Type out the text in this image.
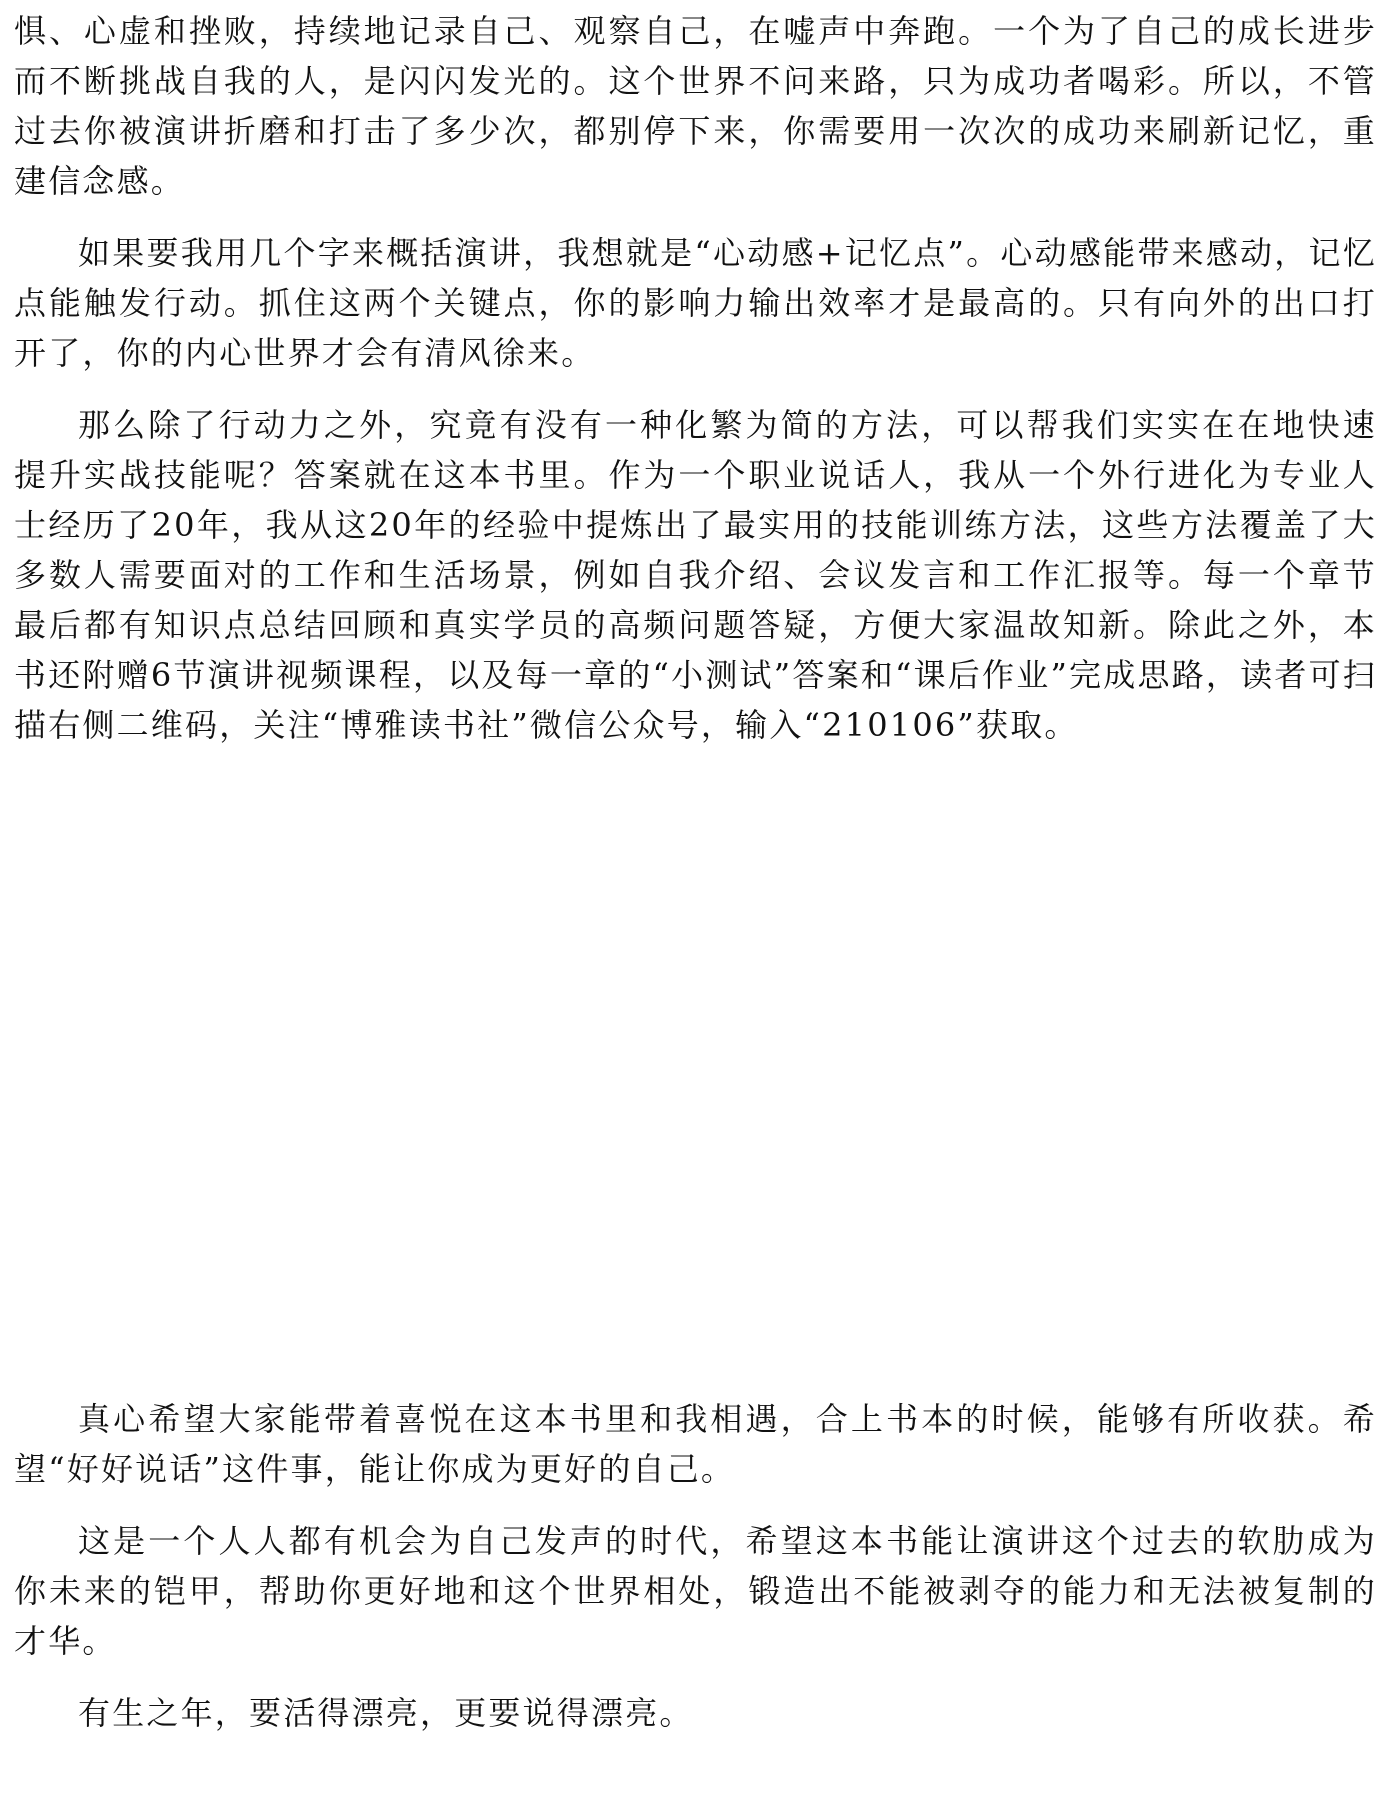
惧、心虚和挫败，持续地记录自己、观察自己，在嘘声中奔跑。一个为了自己的成长进步而不断挑战自我的人，是闪闪发光的。这个世界不问来路，只为成功者喝彩。所以，不管过去你被演讲折磨和打击了多少次，都别停下来，你需要用一次次的成功来刷新记忆，重建信念感。

如果要我用几个字来概括演讲，我想就是“心动感+记忆点”。心动感能带来感动，记忆点能触发行动。抓住这两个关键点，你的影响力输出效率才是最高的。只有向外的出口打开了，你的内心世界才会有清风徐来。

那么除了行动力之外，究竟有没有一种化繁为简的方法，可以帮我们实实在在地快速提升实战技能呢？答案就在这本书里。作为一个职业说话人，我从一个外行进化为专业人士经历了20年，我从这20年的经验中提炼出了最实用的技能训练方法，这些方法覆盖了大多数人需要面对的工作和生活场景，例如自我介绍、会议发言和工作汇报等。每一个章节最后都有知识点总结回顾和真实学员的高频问题答疑，方便大家温故知新。除此之外，本书还附赠6节演讲视频课程，以及每一章的“小测试”答案和“课后作业”完成思路，读者可扫描右侧二维码，关注“博雅读书社”微信公众号，输入“210106”获取。

真心希望大家能带着喜悦在这本书里和我相遇，合上书本的时候，能够有所收获。希望“好好说话”这件事，能让你成为更好的自己。

这是一个人人都有机会为自己发声的时代，希望这本书能让演讲这个过去的软肋成为你未来的铠甲，帮助你更好地和这个世界相处，锻造出不能被剥夺的能力和无法被复制的才华。

有生之年，要活得漂亮，更要说得漂亮。
